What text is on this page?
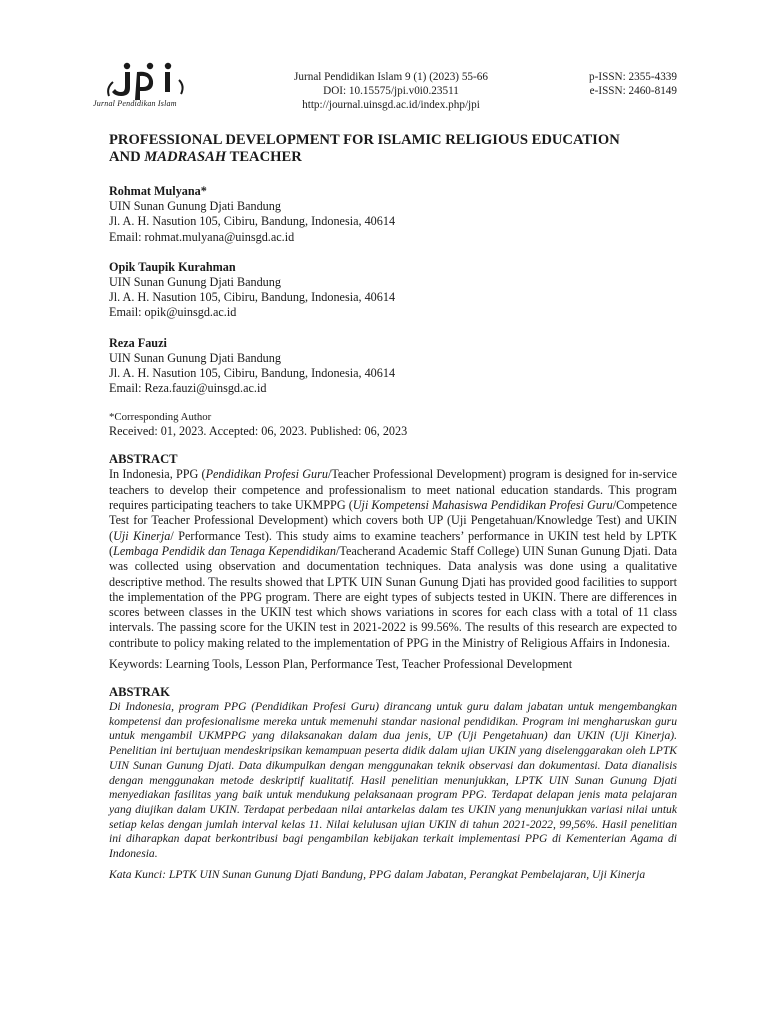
Jurnal Pendidikan Islam
Jurnal Pendidikan Islam 9 (1) (2023) 55-66
DOI: 10.15575/jpi.v0i0.23511
http://journal.uinsgd.ac.id/index.php/jpi
p-ISSN: 2355-4339
e-ISSN: 2460-8149
PROFESSIONAL DEVELOPMENT FOR ISLAMIC RELIGIOUS EDUCATION
AND MADRASAH TEACHER
Rohmat Mulyana*
UIN Sunan Gunung Djati Bandung
Jl. A. H. Nasution 105, Cibiru, Bandung, Indonesia, 40614
Email: rohmat.mulyana@uinsgd.ac.id
Opik Taupik Kurahman
UIN Sunan Gunung Djati Bandung
Jl. A. H. Nasution 105, Cibiru, Bandung, Indonesia, 40614
Email: opik@uinsgd.ac.id
Reza Fauzi
UIN Sunan Gunung Djati Bandung
Jl. A. H. Nasution 105, Cibiru, Bandung, Indonesia, 40614
Email: Reza.fauzi@uinsgd.ac.id
*Corresponding Author
Received: 01, 2023. Accepted: 06, 2023. Published: 06, 2023
ABSTRACT
In Indonesia, PPG (Pendidikan Profesi Guru/Teacher Professional Development) program is designed for in-service teachers to develop their competence and professionalism to meet national education standards. This program requires participating teachers to take UKMPPG (Uji Kompetensi Mahasiswa Pendidikan Profesi Guru/Competence Test for Teacher Professional Development) which covers both UP (Uji Pengetahuan/Knowledge Test) and UKIN (Uji Kinerja/ Performance Test). This study aims to examine teachers’ performance in UKIN test held by LPTK (Lembaga Pendidik dan Tenaga Kependidikan/Teacherand Academic Staff College) UIN Sunan Gunung Djati. Data was collected using observation and documentation techniques. Data analysis was done using a qualitative descriptive method. The results showed that LPTK UIN Sunan Gunung Djati has provided good facilities to support the implementation of the PPG program. There are eight types of subjects tested in UKIN. There are differences in scores between classes in the UKIN test which shows variations in scores for each class with a total of 11 class intervals. The passing score for the UKIN test in 2021-2022 is 99.56%. The results of this research are expected to contribute to policy making related to the implementation of PPG in the Ministry of Religious Affairs in Indonesia.
Keywords: Learning Tools, Lesson Plan, Performance Test, Teacher Professional Development
ABSTRAK
Di Indonesia, program PPG (Pendidikan Profesi Guru) dirancang untuk guru dalam jabatan untuk mengembangkan kompetensi dan profesionalisme mereka untuk memenuhi standar nasional pendidikan. Program ini mengharuskan guru untuk mengambil UKMPPG yang dilaksanakan dalam dua jenis, UP (Uji Pengetahuan) dan UKIN (Uji Kinerja). Penelitian ini bertujuan mendeskripsikan kemampuan peserta didik dalam ujian UKIN yang diselenggarakan oleh LPTK UIN Sunan Gunung Djati. Data dikumpulkan dengan menggunakan teknik observasi dan dokumentasi. Data dianalisis dengan menggunakan metode deskriptif kualitatif. Hasil penelitian menunjukkan, LPTK UIN Sunan Gunung Djati menyediakan fasilitas yang baik untuk mendukung pelaksanaan program PPG. Terdapat delapan jenis mata pelajaran yang diujikan dalam UKIN. Terdapat perbedaan nilai antarkelas dalam tes UKIN yang menunjukkan variasi nilai untuk setiap kelas dengan jumlah interval kelas 11. Nilai kelulusan ujian UKIN di tahun 2021-2022, 99,56%. Hasil penelitian ini diharapkan dapat berkontribusi bagi pengambilan kebijakan terkait implementasi PPG di Kementerian Agama di Indonesia.
Kata Kunci: LPTK UIN Sunan Gunung Djati Bandung, PPG dalam Jabatan, Perangkat Pembelajaran, Uji Kinerja
